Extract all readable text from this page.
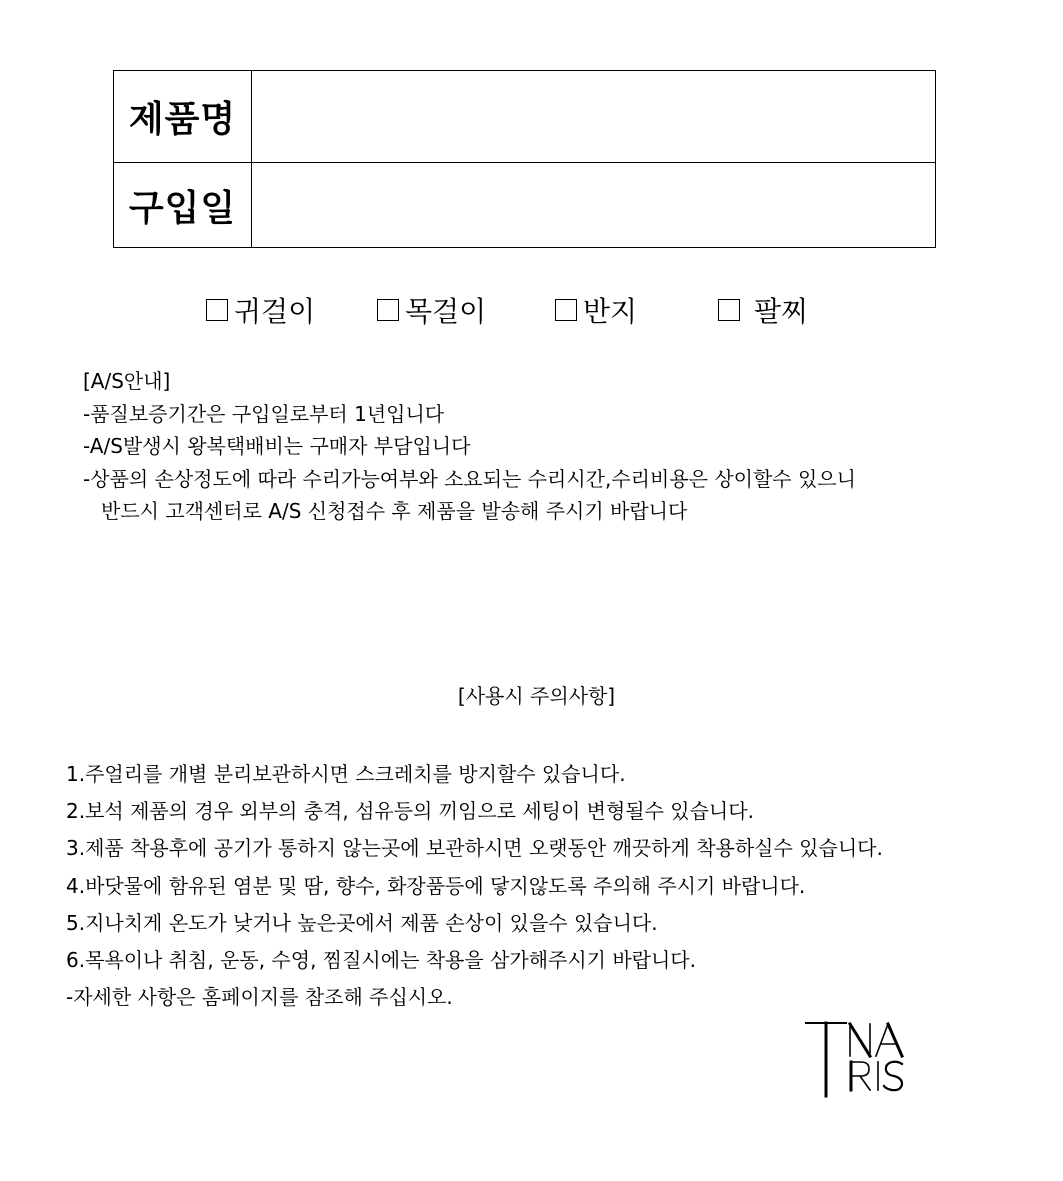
제품명
구입일
귀걸이	목걸이	반지	팔찌
[A/S안내]
-품질보증기간은 구입일로부터 1년입니다
-A/S발생시 왕복택배비는 구매자 부담입니다
-상품의 손상정도에 따라 수리가능여부와 소요되는 수리시간,수리비용은 상이할수 있으니
반드시 고객센터로 A/S 신청접수 후 제품을 발송해 주시기 바랍니다
[사용시 주의사항]
1.주얼리를 개별 분리보관하시면 스크레치를 방지할수 있습니다.
2.보석 제품의 경우 외부의 충격, 섬유등의 끼임으로 세팅이 변형될수 있습니다.
3.제품 착용후에 공기가 통하지 않는곳에 보관하시면 오랫동안 깨끗하게 착용하실수 있습니다.
4.바닷물에 함유된 염분 및 땀, 향수, 화장품등에 닿지않도록 주의해 주시기 바랍니다.
5.지나치게 온도가 낮거나 높은곳에서 제품 손상이 있을수 있습니다.
6.목욕이나 취침, 운동, 수영, 찜질시에는 착용을 삼가해주시기 바랍니다.
-자세한 사항은 홈페이지를 참조해 주십시오.
